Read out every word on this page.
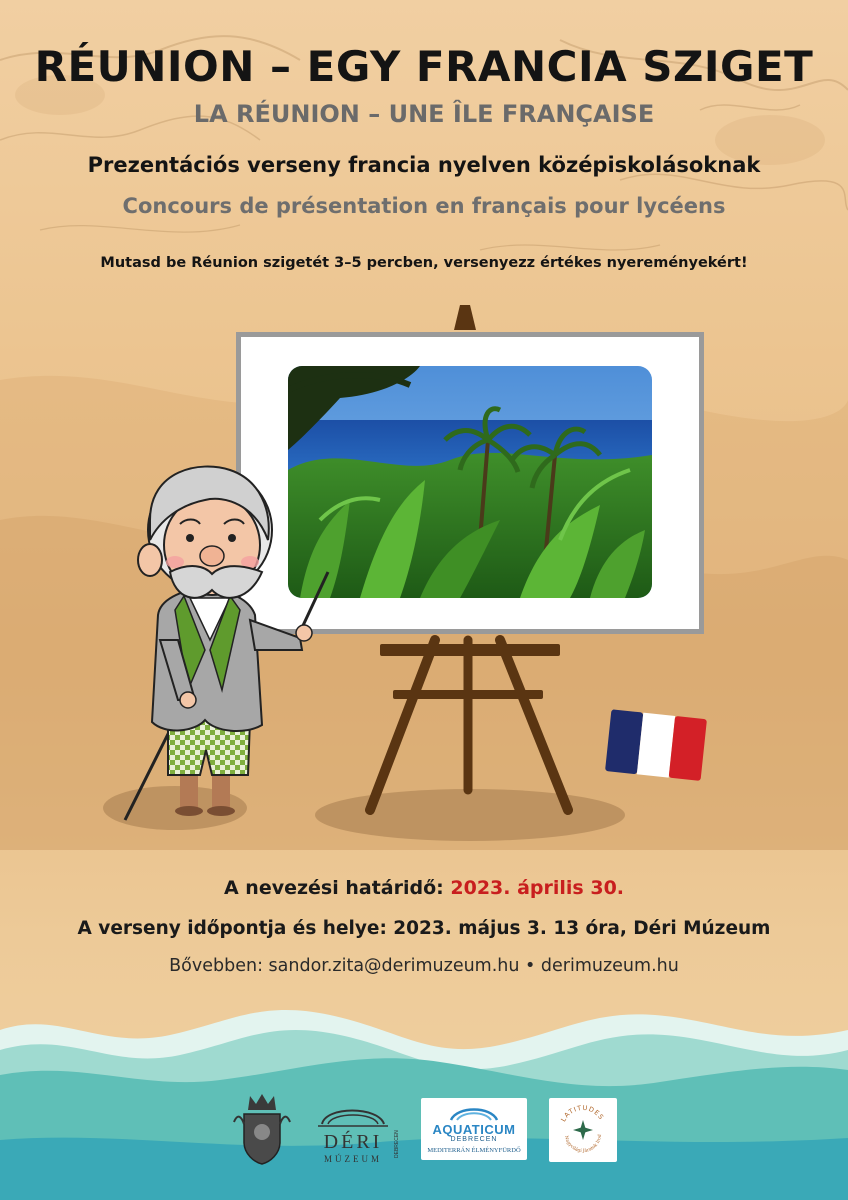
RÉUNION – EGY FRANCIA SZIGET
LA RÉUNION – UNE ÎLE FRANÇAISE
Prezentációs verseny francia nyelven középiskolásoknak
Concours de présentation en français pour lycéens
Mutasd be Réunion szigetét 3–5 percben, versenyezz értékes nyereményekért!
A nevezési határidő: 2023. április 30.
A verseny időpontja és helye: 2023. május 3. 13 óra, Déri Múzeum
Bővebben: sandor.zita@derimuzeum.hu • derimuzeum.hu
DÉRI
MÚZEUM
DEBRECEN
AQUATICUM
DEBRECEN
MEDITERRÁN ÉLMÉNYFÜRDŐ
LATITUDES
Nagyvilági Járatok Irod
